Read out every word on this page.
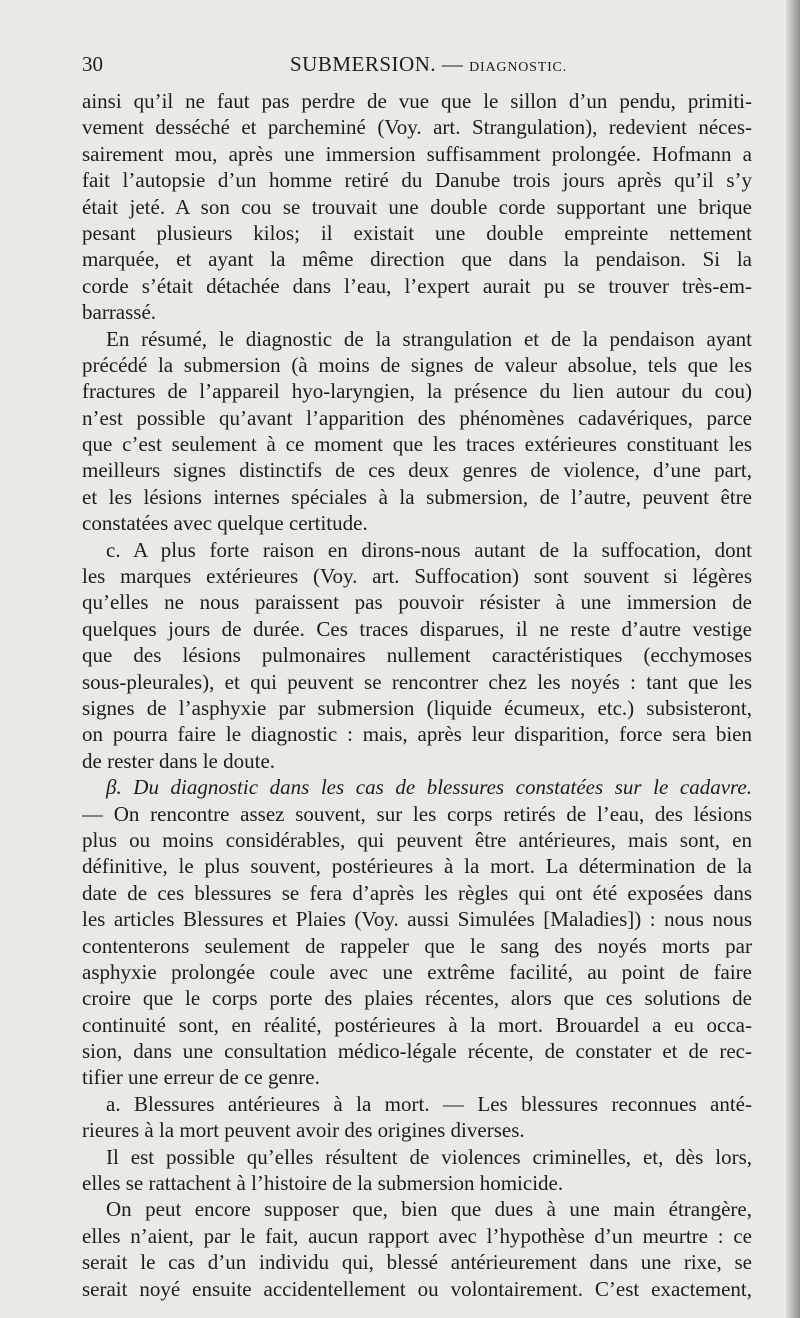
30	SUBMERSION. — DIAGNOSTIC.
ainsi qu’il ne faut pas perdre de vue que le sillon d’un pendu, primiti-
vement desséché et parcheminé (Voy. art. Strangulation), redevient néces-
sairement mou, après une immersion suffisamment prolongée. Hofmann a
fait l’autopsie d’un homme retiré du Danube trois jours après qu’il s’y
était jeté. A son cou se trouvait une double corde supportant une brique
pesant plusieurs kilos; il existait une double empreinte nettement
marquée, et ayant la même direction que dans la pendaison. Si la
corde s’était détachée dans l’eau, l’expert aurait pu se trouver très-em-
barrassé.
En résumé, le diagnostic de la strangulation et de la pendaison ayant
précédé la submersion (à moins de signes de valeur absolue, tels que les
fractures de l’appareil hyo-laryngien, la présence du lien autour du cou)
n’est possible qu’avant l’apparition des phénomènes cadavériques, parce
que c’est seulement à ce moment que les traces extérieures constituant les
meilleurs signes distinctifs de ces deux genres de violence, d’une part,
et les lésions internes spéciales à la submersion, de l’autre, peuvent être
constatées avec quelque certitude.
c. A plus forte raison en dirons-nous autant de la suffocation, dont
les marques extérieures (Voy. art. Suffocation) sont souvent si légères
qu’elles ne nous paraissent pas pouvoir résister à une immersion de
quelques jours de durée. Ces traces disparues, il ne reste d’autre vestige
que des lésions pulmonaires nullement caractéristiques (ecchymoses
sous-pleurales), et qui peuvent se rencontrer chez les noyés : tant que les
signes de l’asphyxie par submersion (liquide écumeux, etc.) subsisteront,
on pourra faire le diagnostic : mais, après leur disparition, force sera bien
de rester dans le doute.
β. Du diagnostic dans les cas de blessures constatées sur le cadavre.
— On rencontre assez souvent, sur les corps retirés de l’eau, des lésions
plus ou moins considérables, qui peuvent être antérieures, mais sont, en
définitive, le plus souvent, postérieures à la mort. La détermination de la
date de ces blessures se fera d’après les règles qui ont été exposées dans
les articles Blessures et Plaies (Voy. aussi Simulées [Maladies]) : nous nous
contenterons seulement de rappeler que le sang des noyés morts par
asphyxie prolongée coule avec une extrême facilité, au point de faire
croire que le corps porte des plaies récentes, alors que ces solutions de
continuité sont, en réalité, postérieures à la mort. Brouardel a eu occa-
sion, dans une consultation médico-légale récente, de constater et de rec-
tifier une erreur de ce genre.
a. Blessures antérieures à la mort. — Les blessures reconnues anté-
rieures à la mort peuvent avoir des origines diverses.
Il est possible qu’elles résultent de violences criminelles, et, dès lors,
elles se rattachent à l’histoire de la submersion homicide.
On peut encore supposer que, bien que dues à une main étrangère,
elles n’aient, par le fait, aucun rapport avec l’hypothèse d’un meurtre : ce
serait le cas d’un individu qui, blessé antérieurement dans une rixe, se
serait noyé ensuite accidentellement ou volontairement. C’est exactement,
